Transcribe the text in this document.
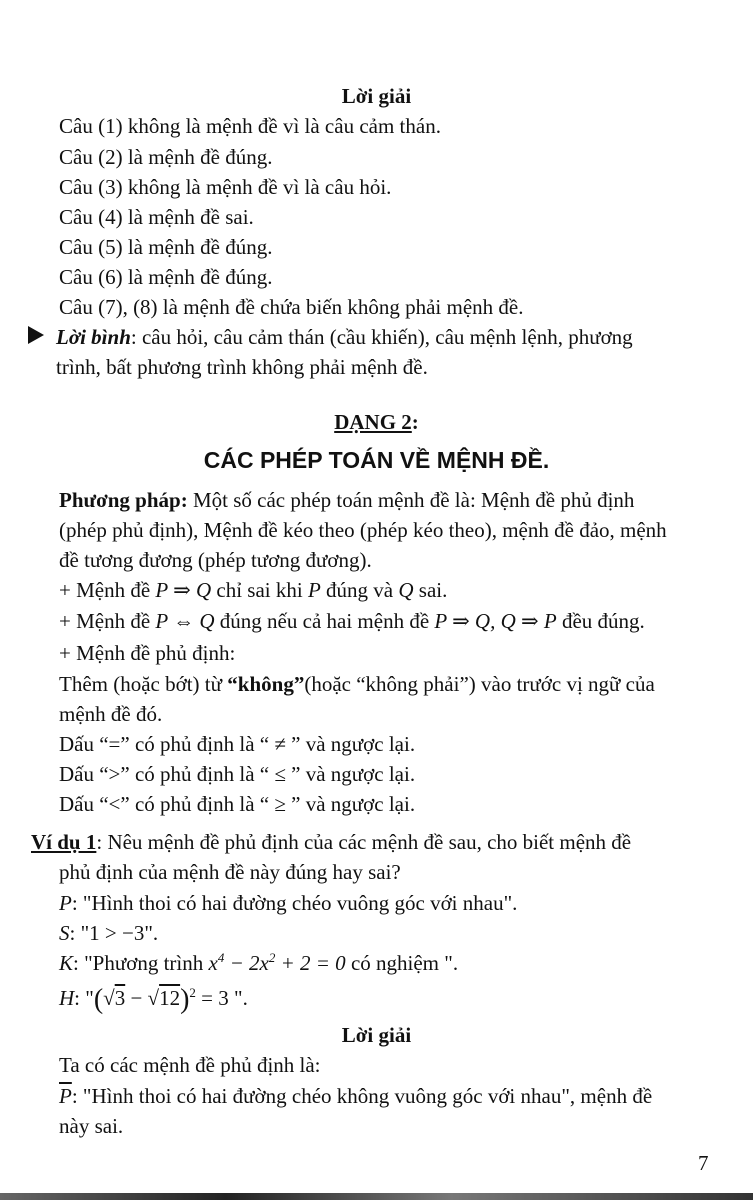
Lời giải
Câu (1) không là mệnh đề vì là câu cảm thán.
Câu (2) là mệnh đề đúng.
Câu (3) không là mệnh đề vì là câu hỏi.
Câu (4) là mệnh đề sai.
Câu (5) là mệnh đề đúng.
Câu (6) là mệnh đề đúng.
Câu (7), (8) là mệnh đề chứa biến không phải mệnh đề.
Lời bình: câu hỏi, câu cảm thán (cầu khiến), câu mệnh lệnh, phương
trình, bất phương trình không phải mệnh đề.
DẠNG 2:
CÁC PHÉP TOÁN VỀ MỆNH ĐỀ.
Phương pháp: Một số các phép toán mệnh đề là: Mệnh đề phủ định
(phép phủ định), Mệnh đề kéo theo (phép kéo theo), mệnh đề đảo, mệnh
đề tương đương (phép tương đương).
+ Mệnh đề P ⇒ Q chỉ sai khi P đúng và Q sai.
+ Mệnh đề P ⇔ Q đúng nếu cả hai mệnh đề P ⇒ Q, Q ⇒ P đều đúng.
+ Mệnh đề phủ định:
Thêm (hoặc bớt) từ “không”(hoặc “không phải”) vào trước vị ngữ của
mệnh đề đó.
Dấu “=” có phủ định là “ ≠ ” và ngược lại.
Dấu “>” có phủ định là “ ≤ ” và ngược lại.
Dấu “<” có phủ định là “ ≥ ” và ngược lại.
Ví dụ 1: Nêu mệnh đề phủ định của các mệnh đề sau, cho biết mệnh đề
phủ định của mệnh đề này đúng hay sai?
P: "Hình thoi có hai đường chéo vuông góc với nhau".
S: "1 > −3".
K: "Phương trình $x^4 - 2x^2 + 2 = 0$ có nghiệm ".
H: "$(√3 - √12)^2 = 3$ ".
Lời giải
Ta có các mệnh đề phủ định là:
$\overline{P}$: "Hình thoi có hai đường chéo không vuông góc với nhau", mệnh đề
này sai.
7
